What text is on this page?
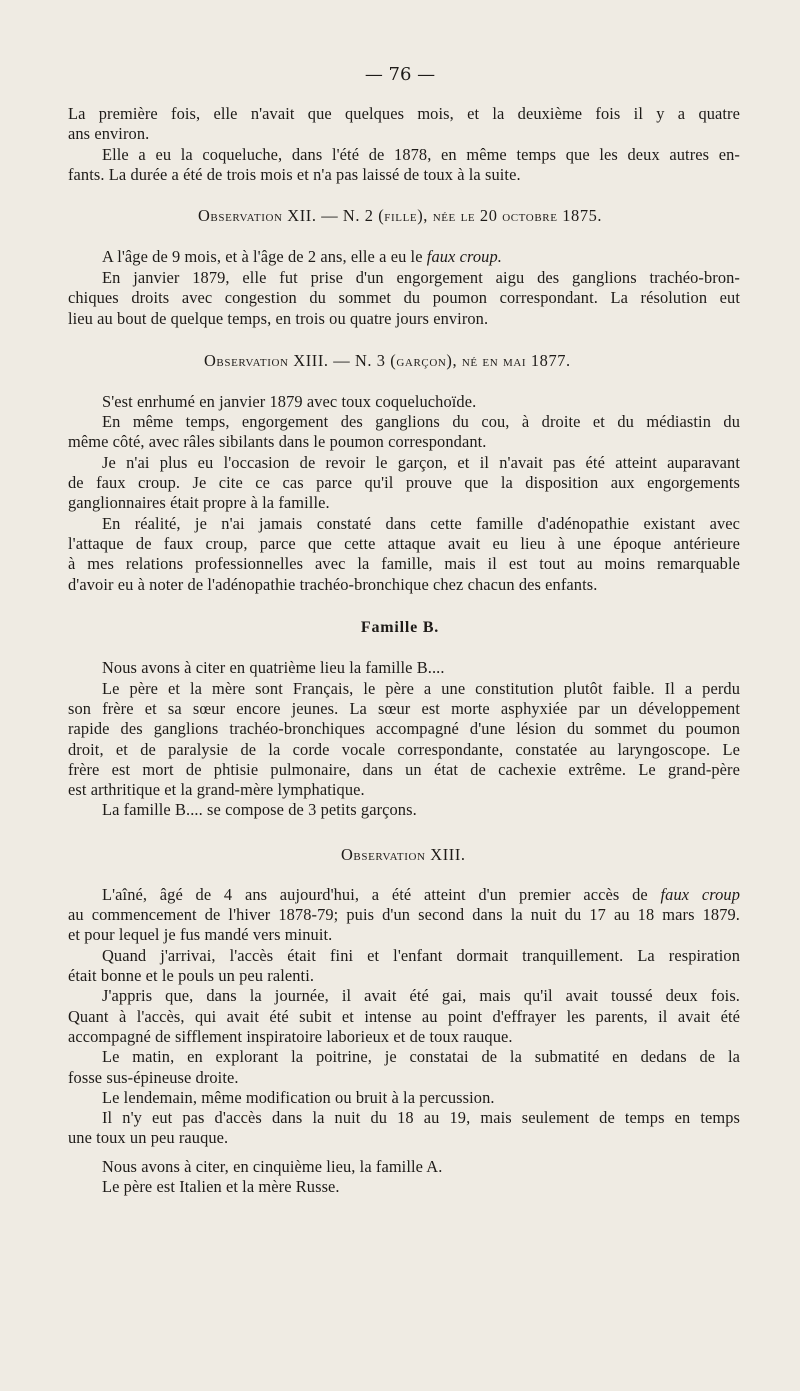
— 76 —

La première fois, elle n'avait que quelques mois, et la deuxième fois il y a quatre

ans environ.

Elle a eu la coqueluche, dans l'été de 1878, en même temps que les deux autres en-

fants. La durée a été de trois mois et n'a pas laissé de toux à la suite.

Observation XII. — N. 2 (fille), née le 20 octobre 1875.

A l'âge de 9 mois, et à l'âge de 2 ans, elle a eu le faux croup.

En janvier 1879, elle fut prise d'un engorgement aigu des ganglions trachéo-bron-

chiques droits avec congestion du sommet du poumon correspondant. La résolution eut

lieu au bout de quelque temps, en trois ou quatre jours environ.

Observation XIII. — N. 3 (garçon), né en mai 1877.

S'est enrhumé en janvier 1879 avec toux coqueluchoïde.

En même temps, engorgement des ganglions du cou, à droite et du médiastin du

même côté, avec râles sibilants dans le poumon correspondant.

Je n'ai plus eu l'occasion de revoir le garçon, et il n'avait pas été atteint auparavant

de faux croup. Je cite ce cas parce qu'il prouve que la disposition aux engorgements

ganglionnaires était propre à la famille.

En réalité, je n'ai jamais constaté dans cette famille d'adénopathie existant avec

l'attaque de faux croup, parce que cette attaque avait eu lieu à une époque antérieure

à mes relations professionnelles avec la famille, mais il est tout au moins remarquable

d'avoir eu à noter de l'adénopathie trachéo-bronchique chez chacun des enfants.

Famille B.

Nous avons à citer en quatrième lieu la famille B....

Le père et la mère sont Français, le père a une constitution plutôt faible. Il a perdu

son frère et sa sœur encore jeunes. La sœur est morte asphyxiée par un développement

rapide des ganglions trachéo-bronchiques accompagné d'une lésion du sommet du poumon

droit, et de paralysie de la corde vocale correspondante, constatée au laryngoscope. Le

frère est mort de phtisie pulmonaire, dans un état de cachexie extrême. Le grand-père

est arthritique et la grand-mère lymphatique.

La famille B.... se compose de 3 petits garçons.

Observation XIII.

L'aîné, âgé de 4 ans aujourd'hui, a été atteint d'un premier accès de faux croup

au commencement de l'hiver 1878-79; puis d'un second dans la nuit du 17 au 18 mars 1879.

et pour lequel je fus mandé vers minuit.

Quand j'arrivai, l'accès était fini et l'enfant dormait tranquillement. La respiration

était bonne et le pouls un peu ralenti.

J'appris que, dans la journée, il avait été gai, mais qu'il avait toussé deux fois.

Quant à l'accès, qui avait été subit et intense au point d'effrayer les parents, il avait été

accompagné de sifflement inspiratoire laborieux et de toux rauque.

Le matin, en explorant la poitrine, je constatai de la submatité en dedans de la

fosse sus-épineuse droite.

Le lendemain, même modification ou bruit à la percussion.

Il n'y eut pas d'accès dans la nuit du 18 au 19, mais seulement de temps en temps

une toux un peu rauque.

Nous avons à citer, en cinquième lieu, la famille A.

Le père est Italien et la mère Russe.
